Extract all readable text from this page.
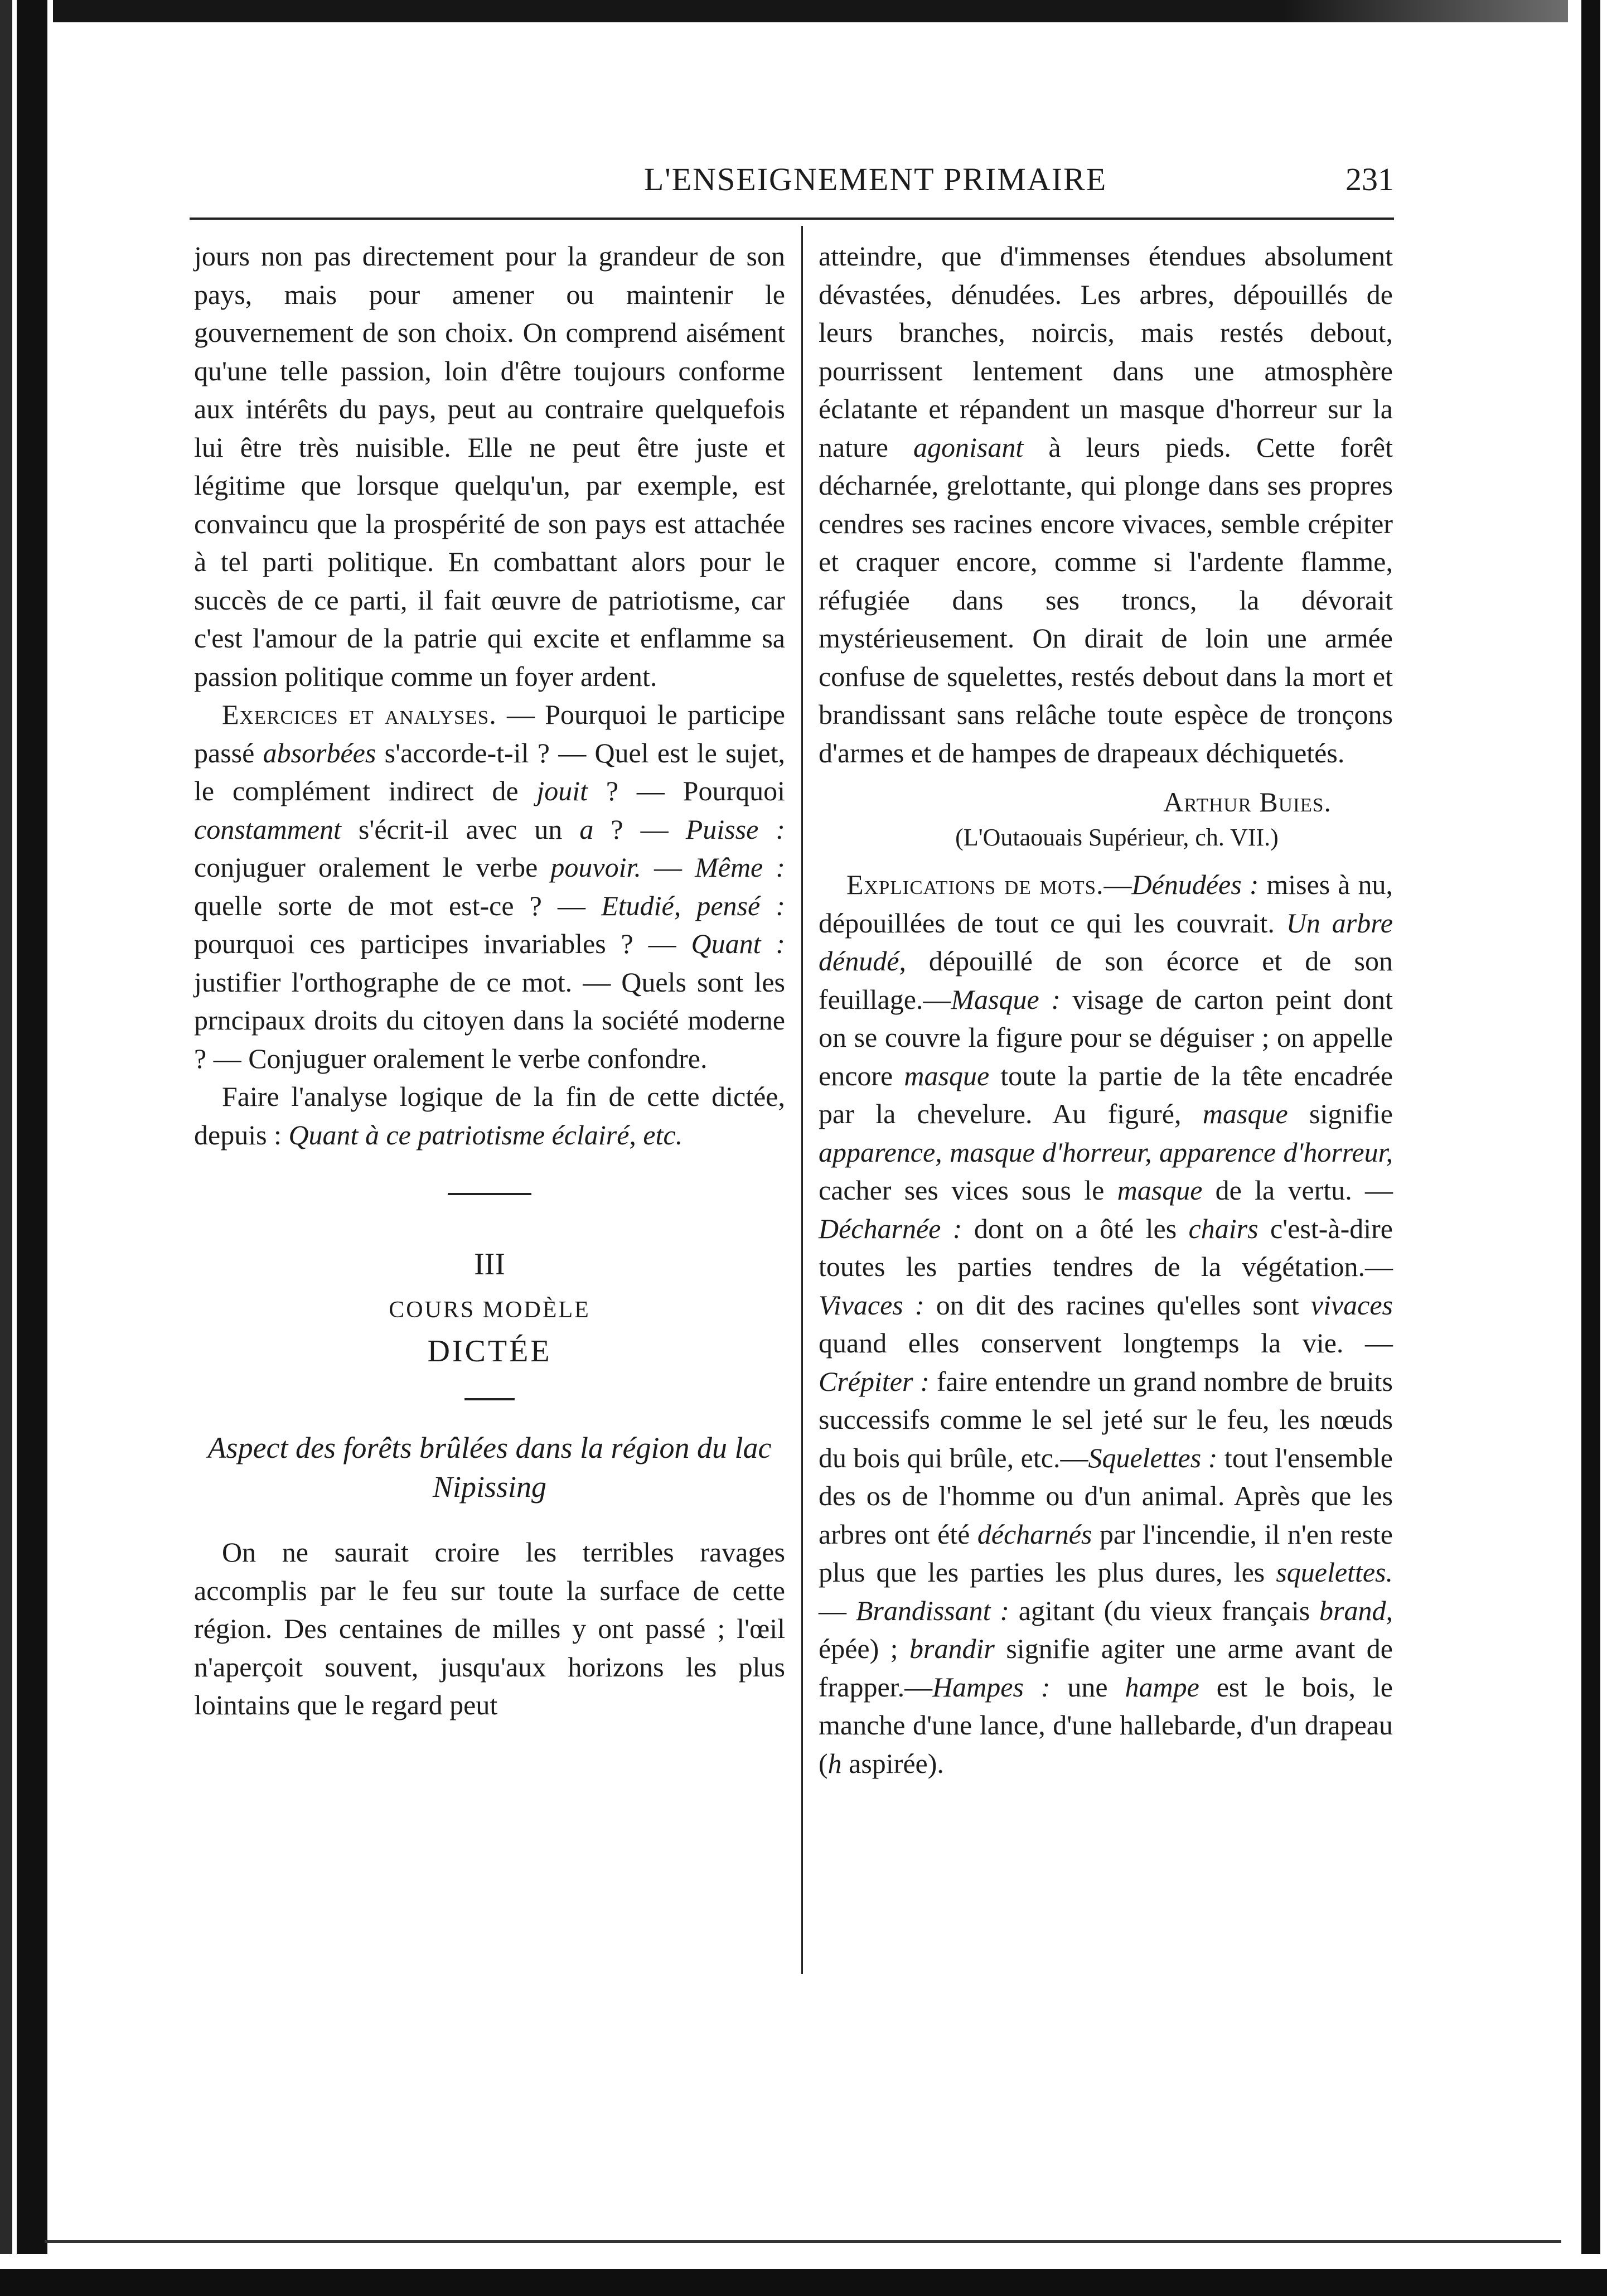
L'ENSEIGNEMENT PRIMAIRE	231

jours non pas directement pour la grandeur de son pays, mais pour amener ou maintenir le gouvernement de son choix. On comprend aisément qu'une telle passion, loin d'être toujours conforme aux intérêts du pays, peut au contraire quelquefois lui être très nuisible. Elle ne peut être juste et légitime que lorsque quelqu'un, par exemple, est convaincu que la prospérité de son pays est attachée à tel parti politique. En combattant alors pour le succès de ce parti, il fait œuvre de patriotisme, car c'est l'amour de la patrie qui excite et enflamme sa passion politique comme un foyer ardent.

Exercices et analyses. — Pourquoi le participe passé absorbées s'accorde-t-il ? — Quel est le sujet, le complément indirect de jouit ? — Pourquoi constamment s'écrit-il avec un a ? — Puisse : conjuguer oralement le verbe pouvoir. — Même : quelle sorte de mot est-ce ? — Etudié, pensé : pourquoi ces participes invariables ? — Quant : justifier l'orthographe de ce mot. — Quels sont les prncipaux droits du citoyen dans la société moderne ? — Conjuguer oralement le verbe confondre.

Faire l'analyse logique de la fin de cette dictée, depuis : Quant à ce patriotisme éclairé, etc.

III

COURS MODÈLE

DICTÉE

Aspect des forêts brûlées dans la région du lac Nipissing

On ne saurait croire les terribles ravages accomplis par le feu sur toute la surface de cette région. Des centaines de milles y ont passé ; l'œil n'aperçoit souvent, jusqu'aux horizons les plus lointains que le regard peut

atteindre, que d'immenses étendues absolument dévastées, dénudées. Les arbres, dépouillés de leurs branches, noircis, mais restés debout, pourrissent lentement dans une atmosphère éclatante et répandent un masque d'horreur sur la nature agonisant à leurs pieds. Cette forêt décharnée, grelottante, qui plonge dans ses propres cendres ses racines encore vivaces, semble crépiter et craquer encore, comme si l'ardente flamme, réfugiée dans ses troncs, la dévorait mystérieusement. On dirait de loin une armée confuse de squelettes, restés debout dans la mort et brandissant sans relâche toute espèce de tronçons d'armes et de hampes de drapeaux déchiquetés.

Arthur Buies.

(L'Outaouais Supérieur, ch. VII.)

Explications de mots.—Dénudées : mises à nu, dépouillées de tout ce qui les couvrait. Un arbre dénudé, dépouillé de son écorce et de son feuillage.—Masque : visage de carton peint dont on se couvre la figure pour se déguiser ; on appelle encore masque toute la partie de la tête encadrée par la chevelure. Au figuré, masque signifie apparence, masque d'horreur, apparence d'horreur, cacher ses vices sous le masque de la vertu. — Décharnée : dont on a ôté les chairs c'est-à-dire toutes les parties tendres de la végétation.— Vivaces : on dit des racines qu'elles sont vivaces quand elles conservent longtemps la vie. — Crépiter : faire entendre un grand nombre de bruits successifs comme le sel jeté sur le feu, les nœuds du bois qui brûle, etc.—Squelettes : tout l'ensemble des os de l'homme ou d'un animal. Après que les arbres ont été décharnés par l'incendie, il n'en reste plus que les parties les plus dures, les squelettes. — Brandissant : agitant (du vieux français brand, épée) ; brandir signifie agiter une arme avant de frapper.—Hampes : une hampe est le bois, le manche d'une lance, d'une hallebarde, d'un drapeau (h aspirée).
